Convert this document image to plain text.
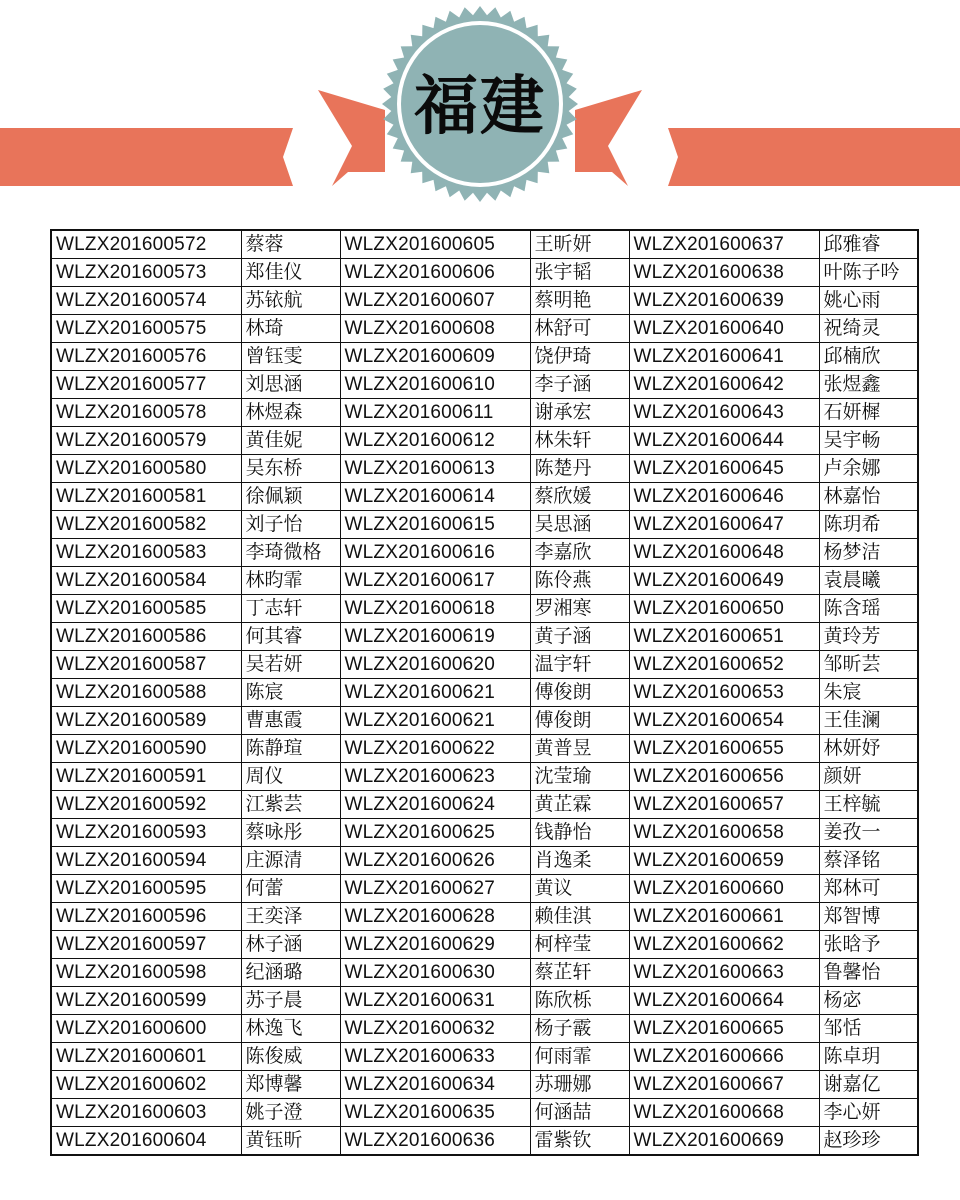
福建
WLZX201600572	蔡蓉	WLZX201600605	王昕妍	WLZX201600637	邱雅睿
WLZX201600573	郑佳仪	WLZX201600606	张宇韬	WLZX201600638	叶陈子吟
WLZX201600574	苏铱航	WLZX201600607	蔡明艳	WLZX201600639	姚心雨
WLZX201600575	林琦	WLZX201600608	林舒可	WLZX201600640	祝绮灵
WLZX201600576	曾钰雯	WLZX201600609	饶伊琦	WLZX201600641	邱楠欣
WLZX201600577	刘思涵	WLZX201600610	李子涵	WLZX201600642	张煜鑫
WLZX201600578	林煜森	WLZX201600611	谢承宏	WLZX201600643	石妍樨
WLZX201600579	黄佳妮	WLZX201600612	林朱轩	WLZX201600644	吴宇畅
WLZX201600580	吴东桥	WLZX201600613	陈楚丹	WLZX201600645	卢余娜
WLZX201600581	徐佩颖	WLZX201600614	蔡欣媛	WLZX201600646	林嘉怡
WLZX201600582	刘子怡	WLZX201600615	吴思涵	WLZX201600647	陈玥希
WLZX201600583	李琦微格	WLZX201600616	李嘉欣	WLZX201600648	杨梦洁
WLZX201600584	林昀霏	WLZX201600617	陈伶燕	WLZX201600649	袁晨曦
WLZX201600585	丁志轩	WLZX201600618	罗湘寒	WLZX201600650	陈含瑶
WLZX201600586	何其睿	WLZX201600619	黄子涵	WLZX201600651	黄玲芳
WLZX201600587	吴若妍	WLZX201600620	温宇轩	WLZX201600652	邹昕芸
WLZX201600588	陈宸	WLZX201600621	傅俊朗	WLZX201600653	朱宸
WLZX201600589	曹惠霞	WLZX201600621	傅俊朗	WLZX201600654	王佳澜
WLZX201600590	陈静瑄	WLZX201600622	黄普昱	WLZX201600655	林妍妤
WLZX201600591	周仪	WLZX201600623	沈莹瑜	WLZX201600656	颜妍
WLZX201600592	江紫芸	WLZX201600624	黄芷霖	WLZX201600657	王梓毓
WLZX201600593	蔡咏彤	WLZX201600625	钱静怡	WLZX201600658	姜孜一
WLZX201600594	庄源清	WLZX201600626	肖逸柔	WLZX201600659	蔡泽铭
WLZX201600595	何蕾	WLZX201600627	黄议	WLZX201600660	郑林可
WLZX201600596	王奕泽	WLZX201600628	赖佳淇	WLZX201600661	郑智博
WLZX201600597	林子涵	WLZX201600629	柯梓莹	WLZX201600662	张晗予
WLZX201600598	纪涵璐	WLZX201600630	蔡芷轩	WLZX201600663	鲁馨怡
WLZX201600599	苏子晨	WLZX201600631	陈欣栎	WLZX201600664	杨宓
WLZX201600600	林逸飞	WLZX201600632	杨子霰	WLZX201600665	邹恬
WLZX201600601	陈俊威	WLZX201600633	何雨霏	WLZX201600666	陈卓玥
WLZX201600602	郑博馨	WLZX201600634	苏珊娜	WLZX201600667	谢嘉亿
WLZX201600603	姚子澄	WLZX201600635	何涵喆	WLZX201600668	李心妍
WLZX201600604	黄钰昕	WLZX201600636	雷紫钦	WLZX201600669	赵珍珍
